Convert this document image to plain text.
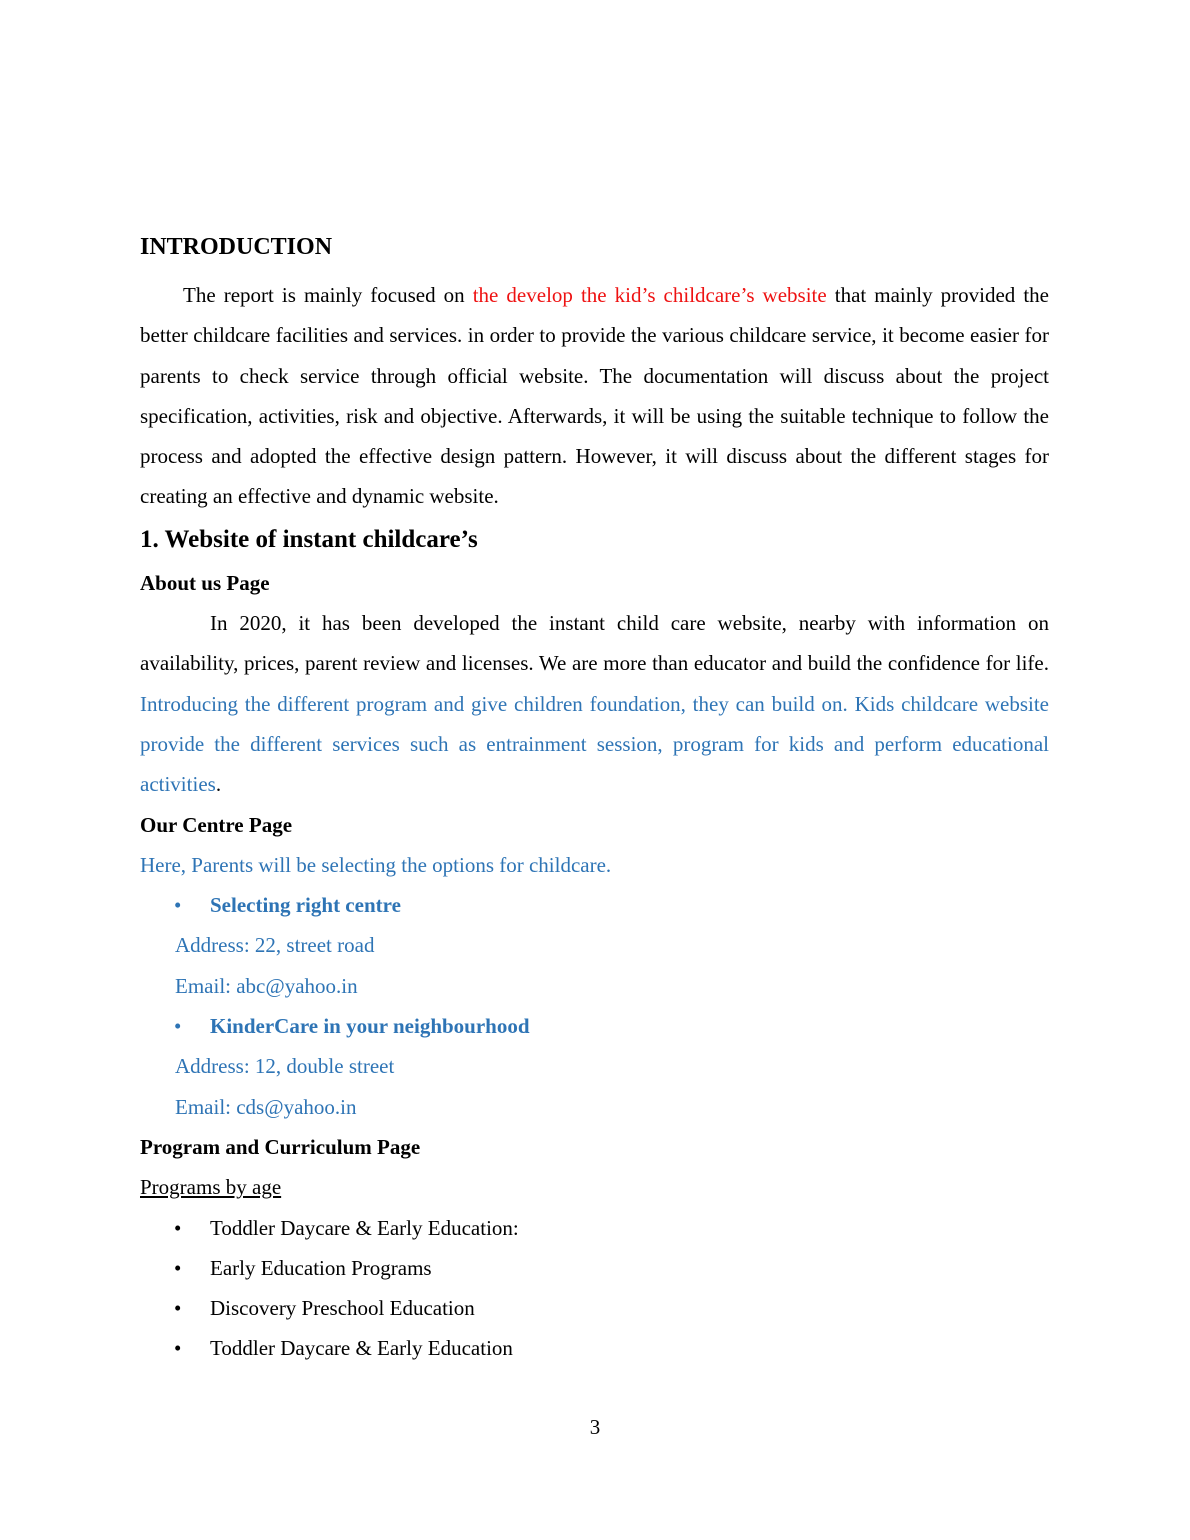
INTRODUCTION

The report is mainly focused on the develop the kid’s childcare’s website that mainly provided the better childcare facilities and services. in order to provide the various childcare service, it become easier for parents to check service through official website. The documentation will discuss about the project specification, activities, risk and objective. Afterwards, it will be using the suitable technique to follow the process and adopted the effective design pattern. However, it will discuss about the different stages for creating an effective and dynamic website.

1. Website of instant childcare’s
About us Page

In 2020, it has been developed the instant child care website, nearby with information on availability, prices, parent review and licenses. We are more than educator and build the confidence for life. Introducing the different program and give children foundation, they can build on. Kids childcare website provide the different services such as entrainment session, program for kids and perform educational activities.

Our Centre Page
Here, Parents will be selecting the options for childcare.
•	Selecting right centre
Address: 22, street road
Email: abc@yahoo.in
•	KinderCare in your neighbourhood
Address: 12, double street
Email: cds@yahoo.in
Program and Curriculum Page
Programs by age
•	Toddler Daycare & Early Education:
•	Early Education Programs
•	Discovery Preschool Education
•	Toddler Daycare & Early Education
3
